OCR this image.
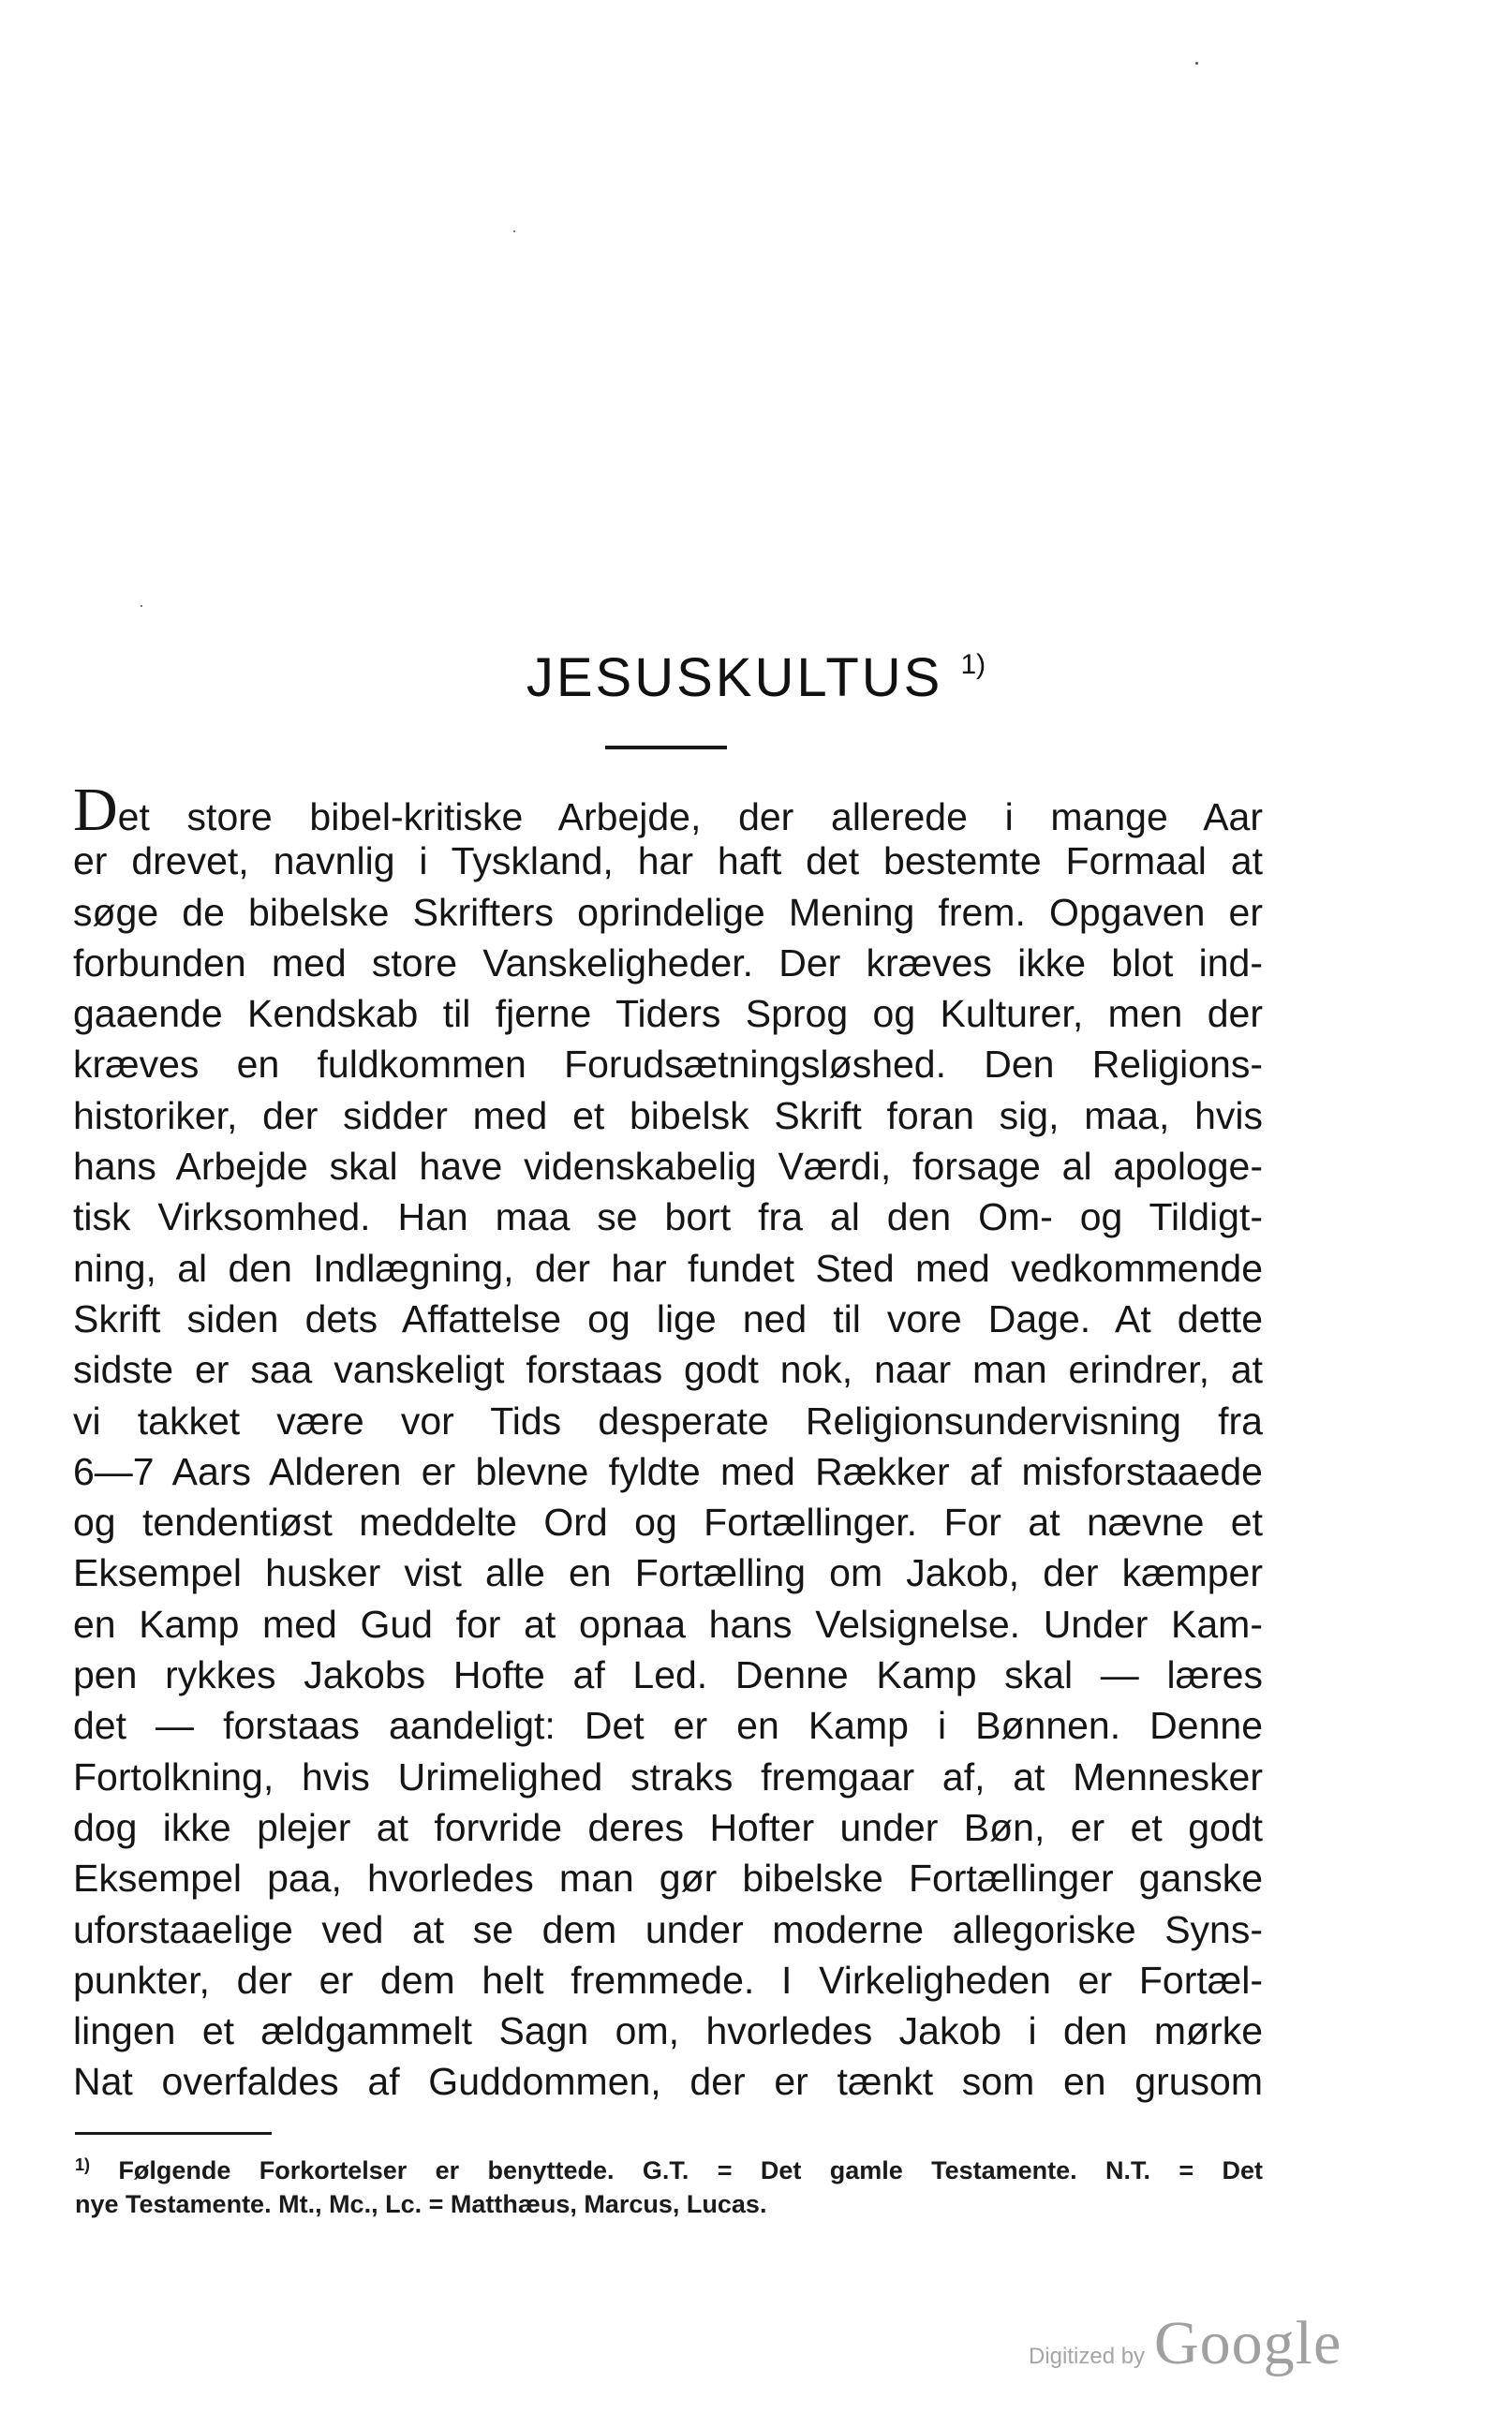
JESUSKULTUS $^{1)}$
Det store bibel-kritiske Arbejde, der allerede i mange Aar
er drevet, navnlig i Tyskland, har haft det bestemte Formaal at
søge de bibelske Skrifters oprindelige Mening frem. Opgaven er
forbunden med store Vanskeligheder. Der kræves ikke blot ind-
gaaende Kendskab til fjerne Tiders Sprog og Kulturer, men der
kræves en fuldkommen Forudsætningsløshed. Den Religions-
historiker, der sidder med et bibelsk Skrift foran sig, maa, hvis
hans Arbejde skal have videnskabelig Værdi, forsage al apologe-
tisk Virksomhed. Han maa se bort fra al den Om- og Tildigt-
ning, al den Indlægning, der har fundet Sted med vedkommende
Skrift siden dets Affattelse og lige ned til vore Dage. At dette
sidste er saa vanskeligt forstaas godt nok, naar man erindrer, at
vi takket være vor Tids desperate Religionsundervisning fra
6—7 Aars Alderen er blevne fyldte med Rækker af misforstaaede
og tendentiøst meddelte Ord og Fortællinger. For at nævne et
Eksempel husker vist alle en Fortælling om Jakob, der kæmper
en Kamp med Gud for at opnaa hans Velsignelse. Under Kam-
pen rykkes Jakobs Hofte af Led. Denne Kamp skal — læres
det — forstaas aandeligt: Det er en Kamp i Bønnen. Denne
Fortolkning, hvis Urimelighed straks fremgaar af, at Mennesker
dog ikke plejer at forvride deres Hofter under Bøn, er et godt
Eksempel paa, hvorledes man gør bibelske Fortællinger ganske
uforstaaelige ved at se dem under moderne allegoriske Syns-
punkter, der er dem helt fremmede. I Virkeligheden er Fortæl-
lingen et ældgammelt Sagn om, hvorledes Jakob i den mørke
Nat overfaldes af Guddommen, der er tænkt som en grusom
$^{1)}$ Følgende Forkortelser er benyttede. G.T. = Det gamle Testamente. N.T. = Det
nye Testamente. Mt., Mc., Lc. = Matthæus, Marcus, Lucas.
Digitized by Google
